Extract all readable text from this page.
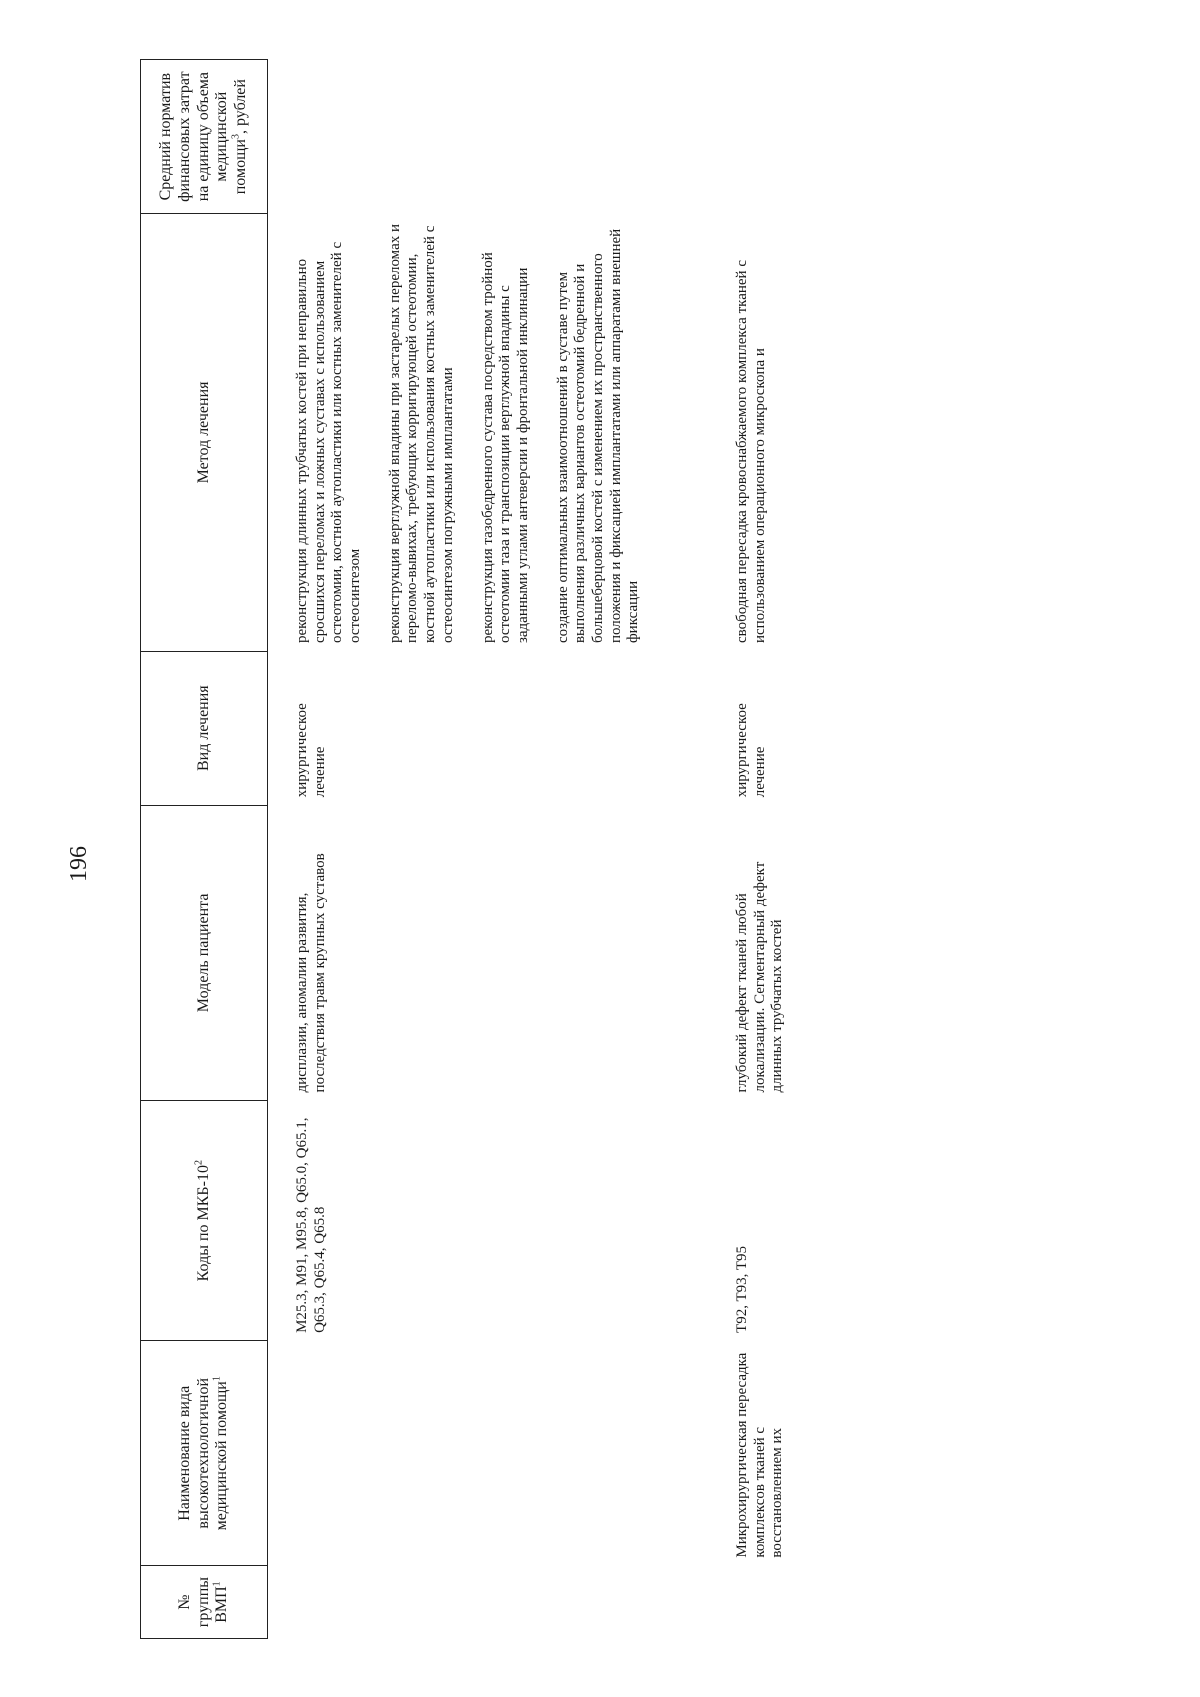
196
№ группы ВМП$^1$	Наименование вида высокотехнологичной медицинской помощи$^1$	Коды по МКБ-$10^2$	Модель пациента	Вид лечения	Метод лечения	Средний норматив финансовых затрат на единицу объема медицинской помощи$^3$, рублей

		M25.3, M91, M95.8, Q65.0, Q65.1, Q65.3, Q65.4, Q65.8	дисплазии, аномалии развития, последствия травм крупных суставов	хирургическое лечение	реконструкция длинных трубчатых костей при неправильно сросшихся переломах и ложных суставах с использованием остеотомии, костной аутопластики или костных заменителей с остеосинтезом реконструкция вертлужной впадины при застарелых переломах и переломо-вывихах, требующих корригирующей остеотомии, костной аутопластики или использования костных заменителей с остеосинтезом погружными имплантатами реконструкция тазобедренного сустава посредством тройной остеотомии таза и транспозиции вертлужной впадины с заданными углами антеверсии и фронтальной инклинации создание оптимальных взаимоотношений в суставе путем выполнения различных вариантов остеотомий бедренной и большеберцовой костей с изменением их пространственного положения и фиксацией имплантатами или аппаратами внешней фиксации	

	Микрохирургическая пересадка комплексов тканей с восстановлением их	T92, T93, T95	глубокий дефект тканей любой локализации. Сегментарный дефект длинных трубчатых костей	хирургическое лечение	свободная пересадка кровоснабжаемого комплекса тканей с использованием операционного микроскопа и	
